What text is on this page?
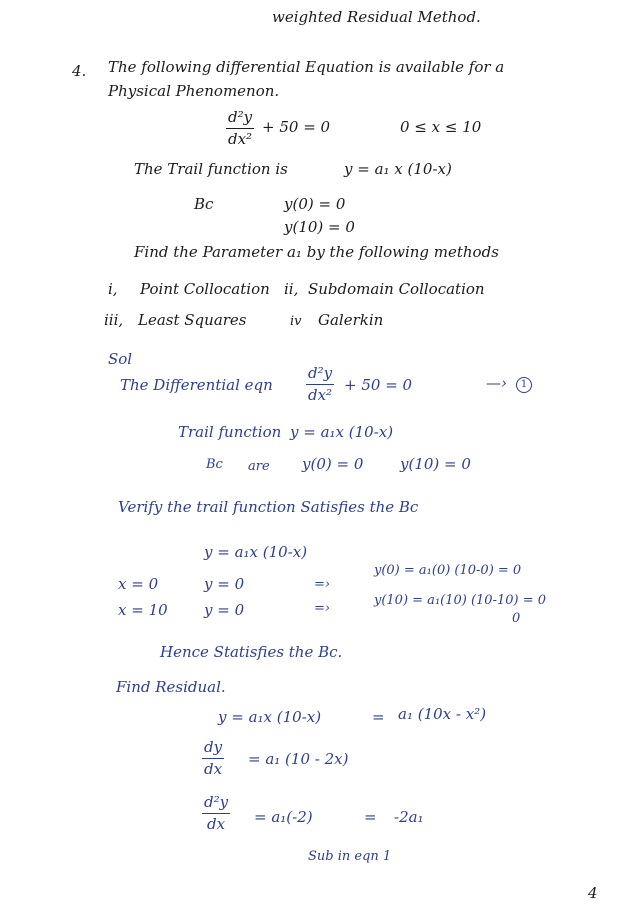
weighted Residual Method.
4. The following differential Equation is available for a
Physical Phenomenon.
d²y
dx²
+ 50 = 0	0 ≤ x ≤ 10
The Trail function is	y = a₁ x (10-x)
Bc	y(0) = 0
y(10) = 0
Find the Parameter a₁ by the following methods
i, Point Collocation ii, Subdomain Collocation
iii, Least Squares	iv Galerkin
Sol
The Differential eqn
d²y
dx²
+ 50 = 0	—›	1
Trail function y = a₁x (10-x)
Bc are y(0) = 0 y(10) = 0
Verify the trail function Satisfies the Bc
y = a₁x (10-x)
x = 0	y = 0	=›
y(0) = a₁(0) (10-0) = 0
x = 10 y = 0	=›
y(10) = a₁(10) (10-10) = 0
0
Hence Statisfies the Bc.
Find Residual.
y = a₁x (10-x)	= a₁ (10x - x²)
dy
dx
= a₁ (10 - 2x)
d²y
dx	= a₁(-2)	= -2a₁
Sub in eqn 1
4
